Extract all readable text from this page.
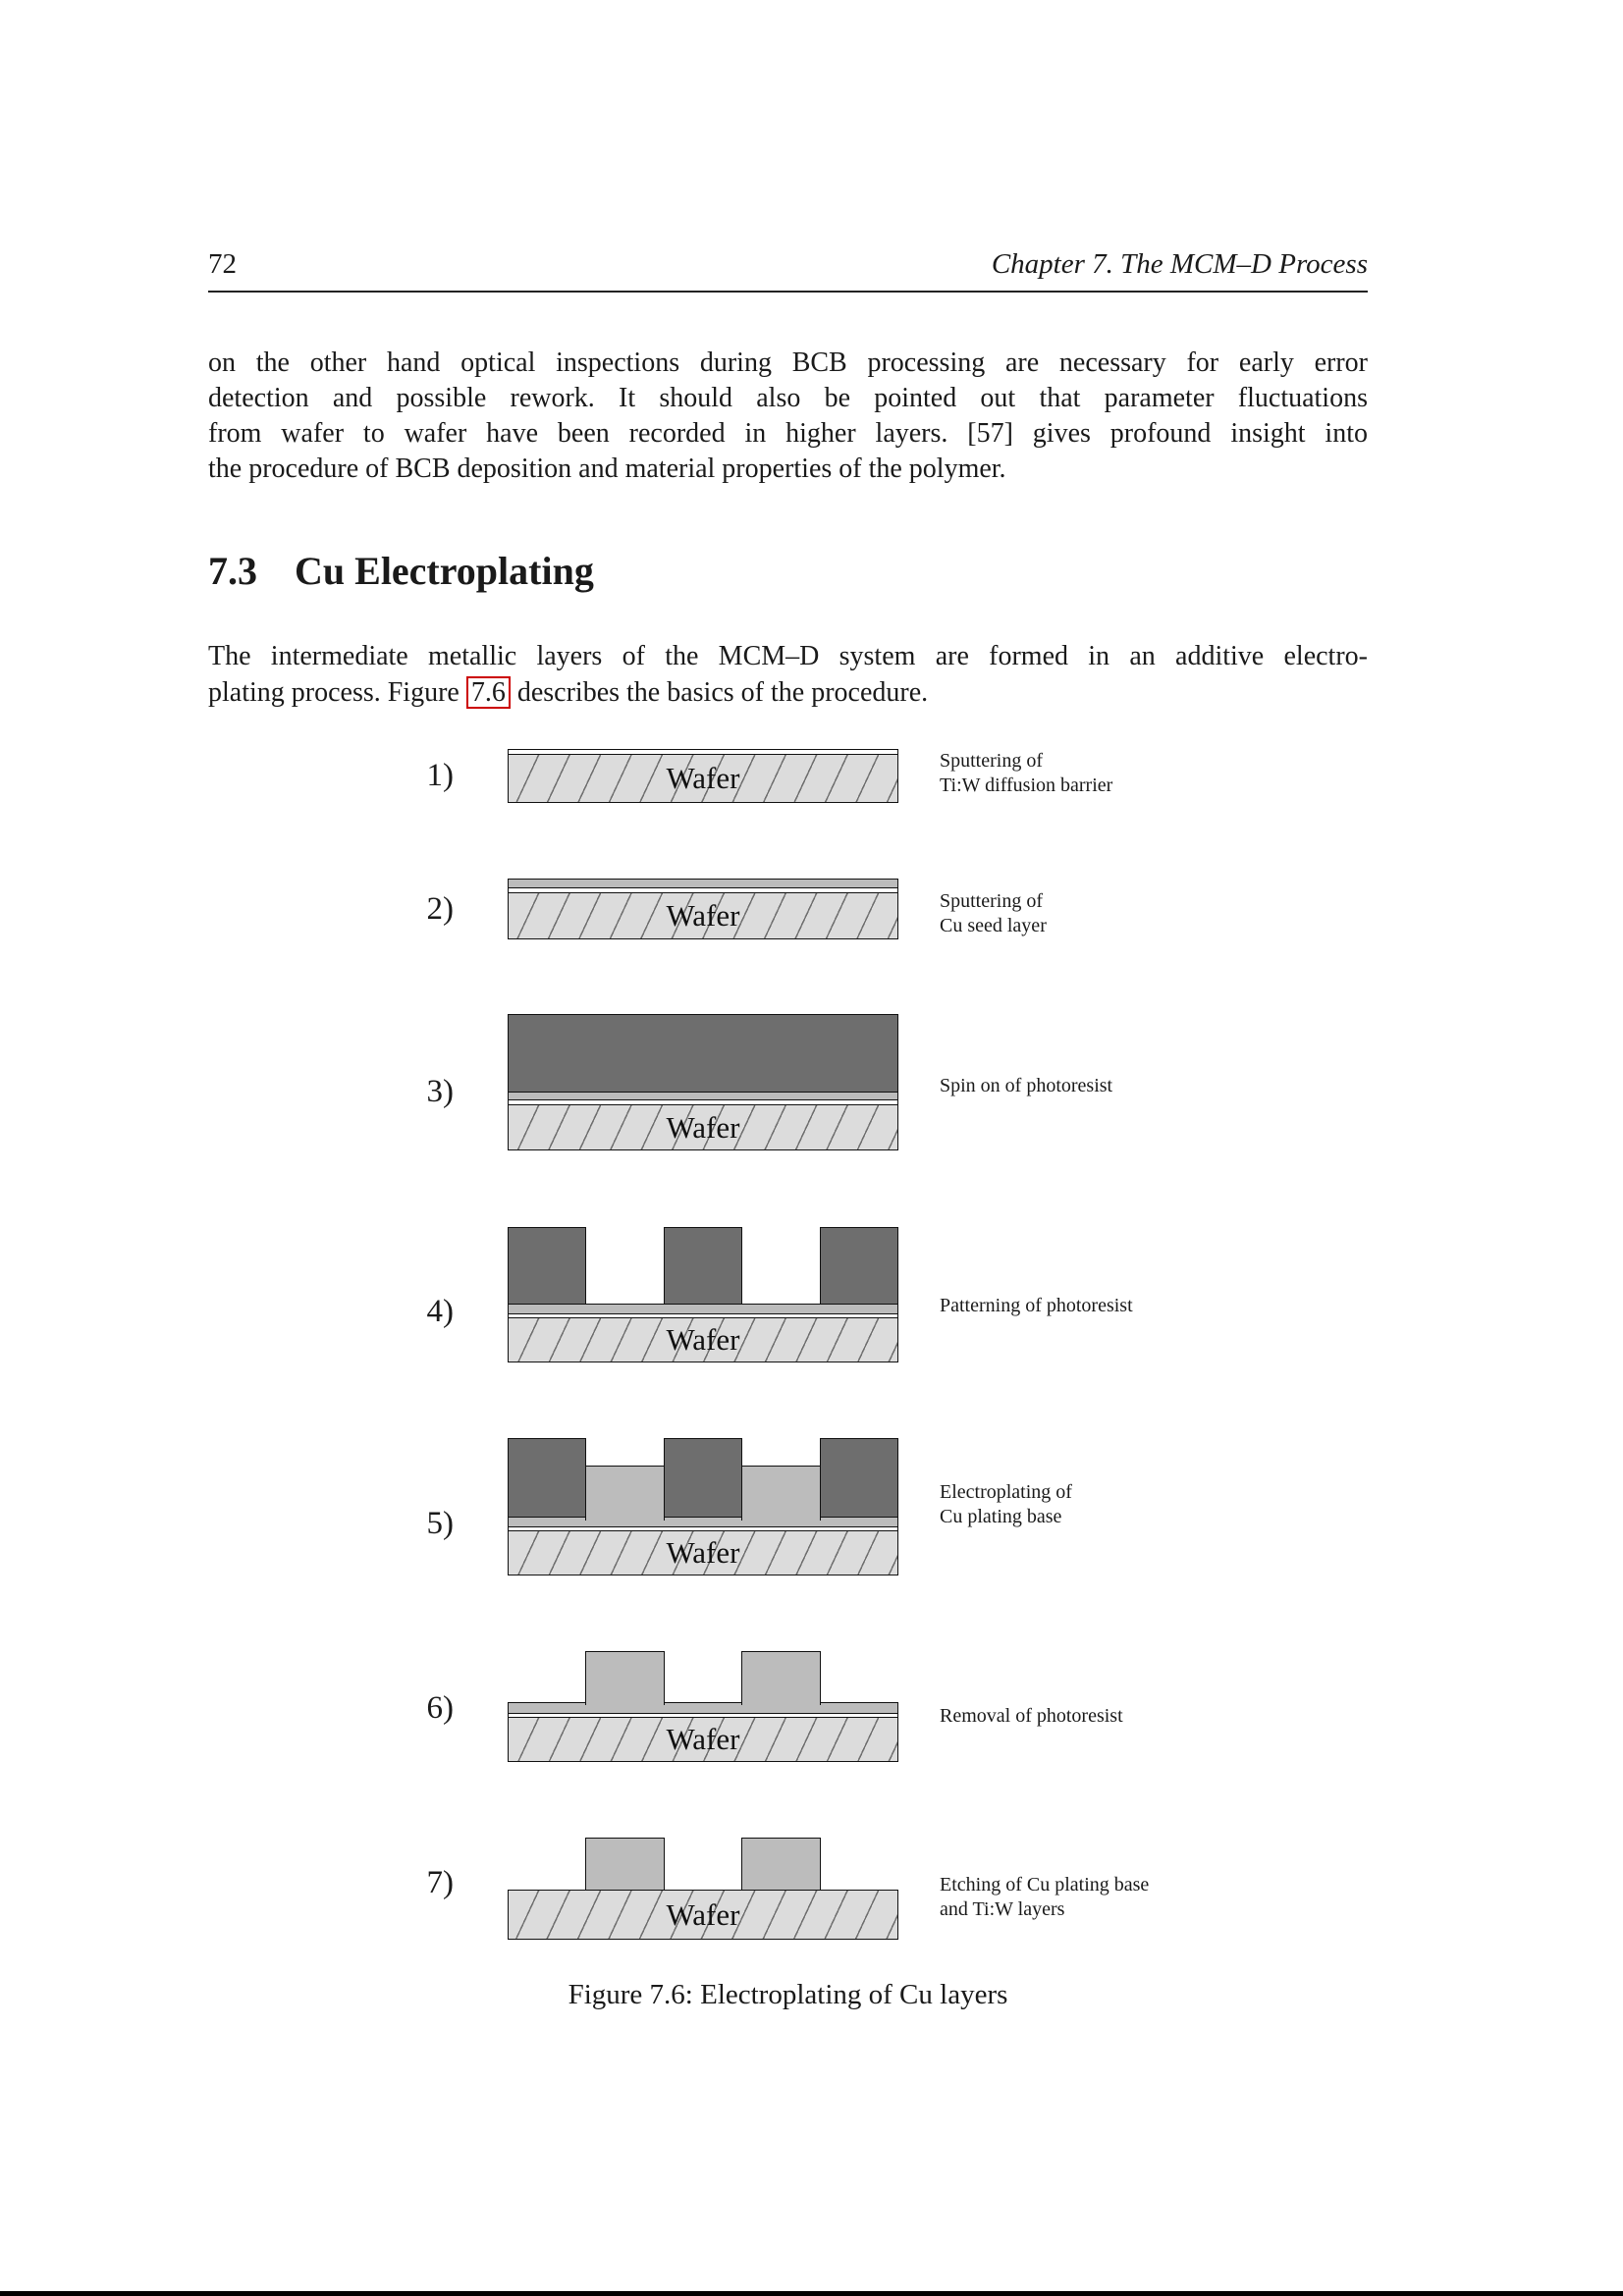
72	Chapter 7. The MCM–D Process
on the other hand optical inspections during BCB processing are necessary for early error
detection and possible rework. It should also be pointed out that parameter fluctuations
from wafer to wafer have been recorded in higher layers. [57] gives profound insight into
the procedure of BCB deposition and material properties of the polymer.
7.3 Cu Electroplating
The intermediate metallic layers of the MCM–D system are formed in an additive electro-
plating process. Figure 7.6 describes the basics of the procedure.
1)	Wafer	Sputtering of
Ti:W diffusion barrier
2)	Wafer	Sputtering of
Cu seed layer
3)
Wafer
Spin on of photoresist
4)
Wafer
Patterning of photoresist
5)
Wafer
Electroplating of
Cu plating base
6)
Wafer
Removal of photoresist
7)
Wafer
Etching of Cu plating base
and Ti:W layers
Figure 7.6: Electroplating of Cu layers
